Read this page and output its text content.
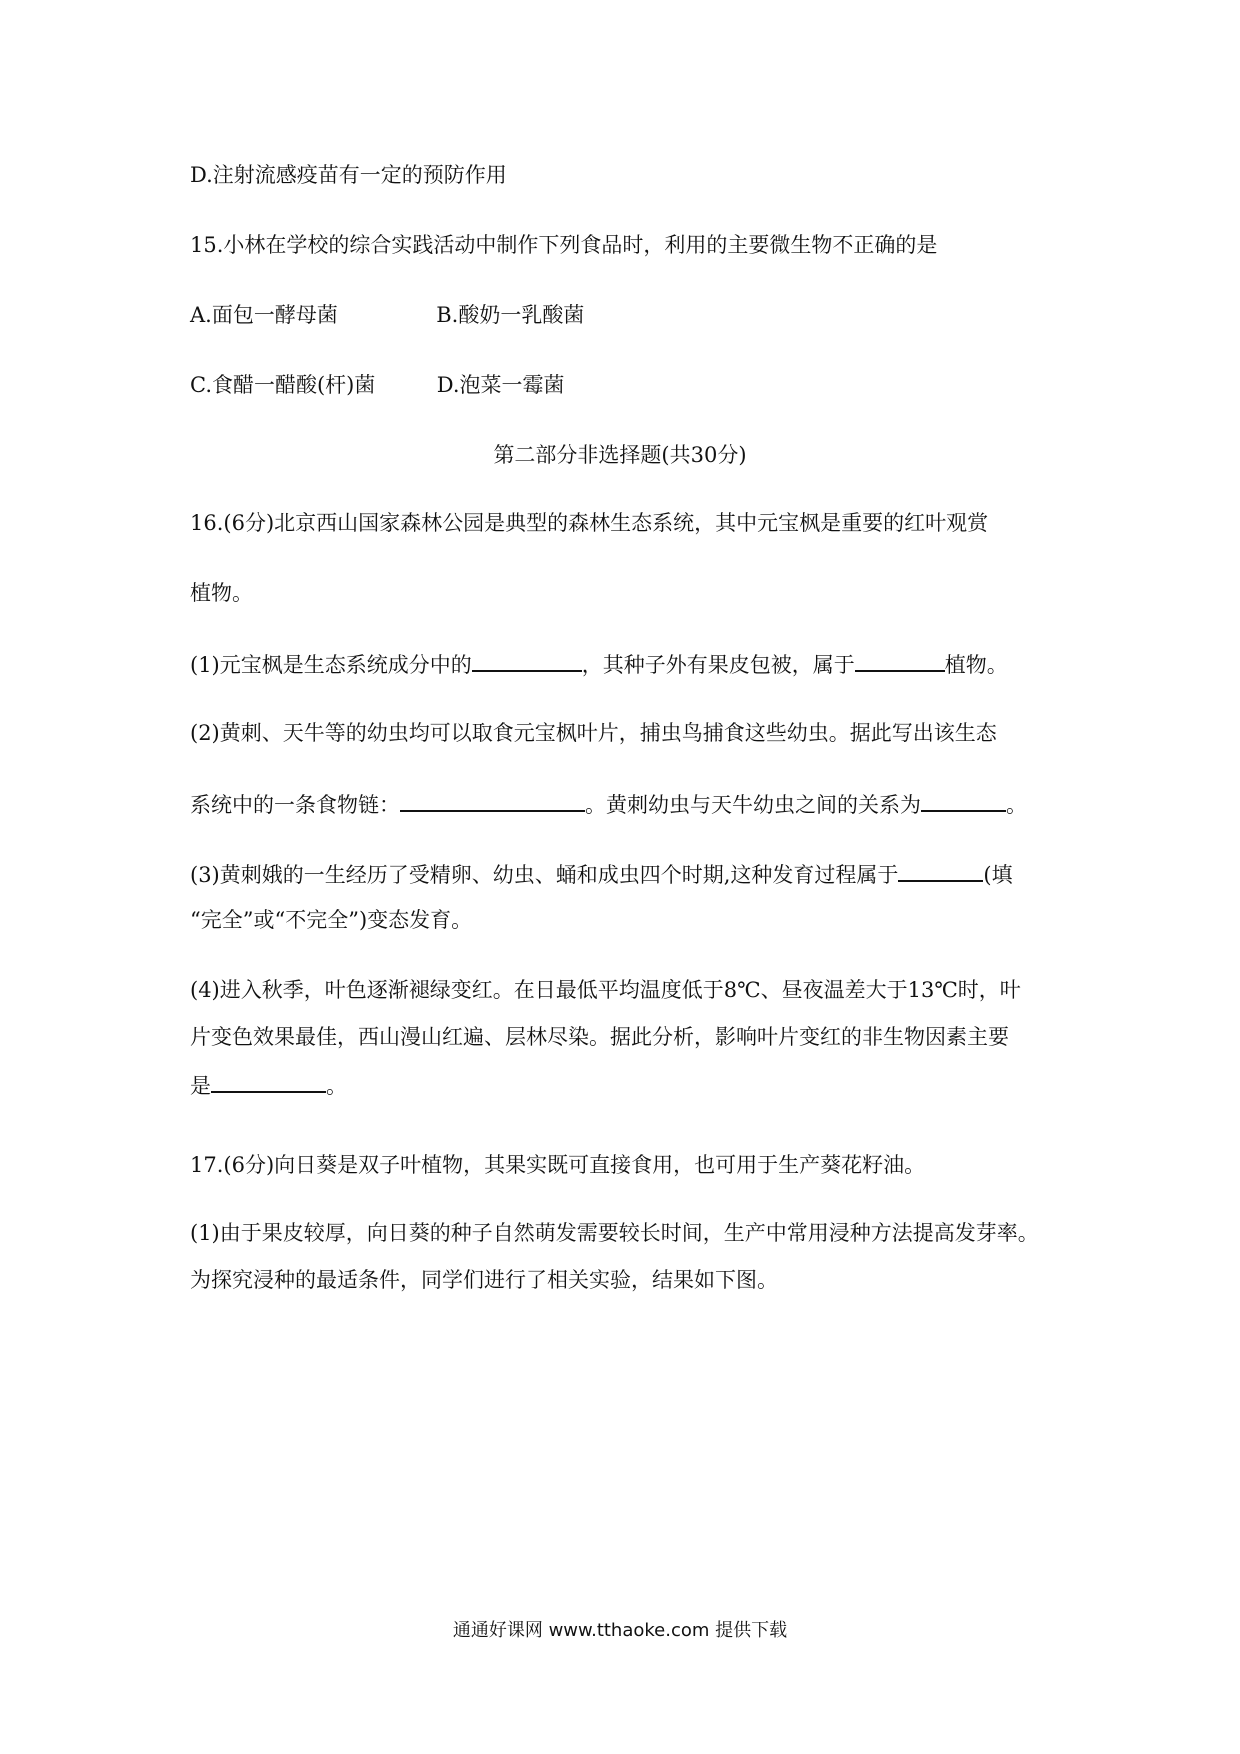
D.注射流感疫苗有一定的预防作用
15.小林在学校的综合实践活动中制作下列食品时，利用的主要微生物不正确的是
A.面包一酵母菌	B.酸奶一乳酸菌
C.食醋一醋酸(杆)菌	D.泡菜一霉菌
第二部分非选择题(共30分)
16.(6分)北京西山国家森林公园是典型的森林生态系统，其中元宝枫是重要的红叶观赏
植物。
(1)元宝枫是生态系统成分中的	，其种子外有果皮包被，属于	植物。
(2)黄刺、天牛等的幼虫均可以取食元宝枫叶片，捕虫鸟捕食这些幼虫。据此写出该生态
系统中的一条食物链：	。黄刺幼虫与天牛幼虫之间的关系为	。
(3)黄刺娥的一生经历了受精卵、幼虫、蛹和成虫四个时期,这种发育过程属于	(填
“完全”或“不完全”)变态发育。
(4)进入秋季，叶色逐渐褪绿变红。在日最低平均温度低于8℃、昼夜温差大于13℃时，叶
片变色效果最佳，西山漫山红遍、层林尽染。据此分析，影响叶片变红的非生物因素主要
是	。
17.(6分)向日葵是双子叶植物，其果实既可直接食用，也可用于生产葵花籽油。
(1)由于果皮较厚，向日葵的种子自然萌发需要较长时间，生产中常用浸种方法提高发芽率。
为探究浸种的最适条件，同学们进行了相关实验，结果如下图。
通通好课网 www.tthaoke.com 提供下载
